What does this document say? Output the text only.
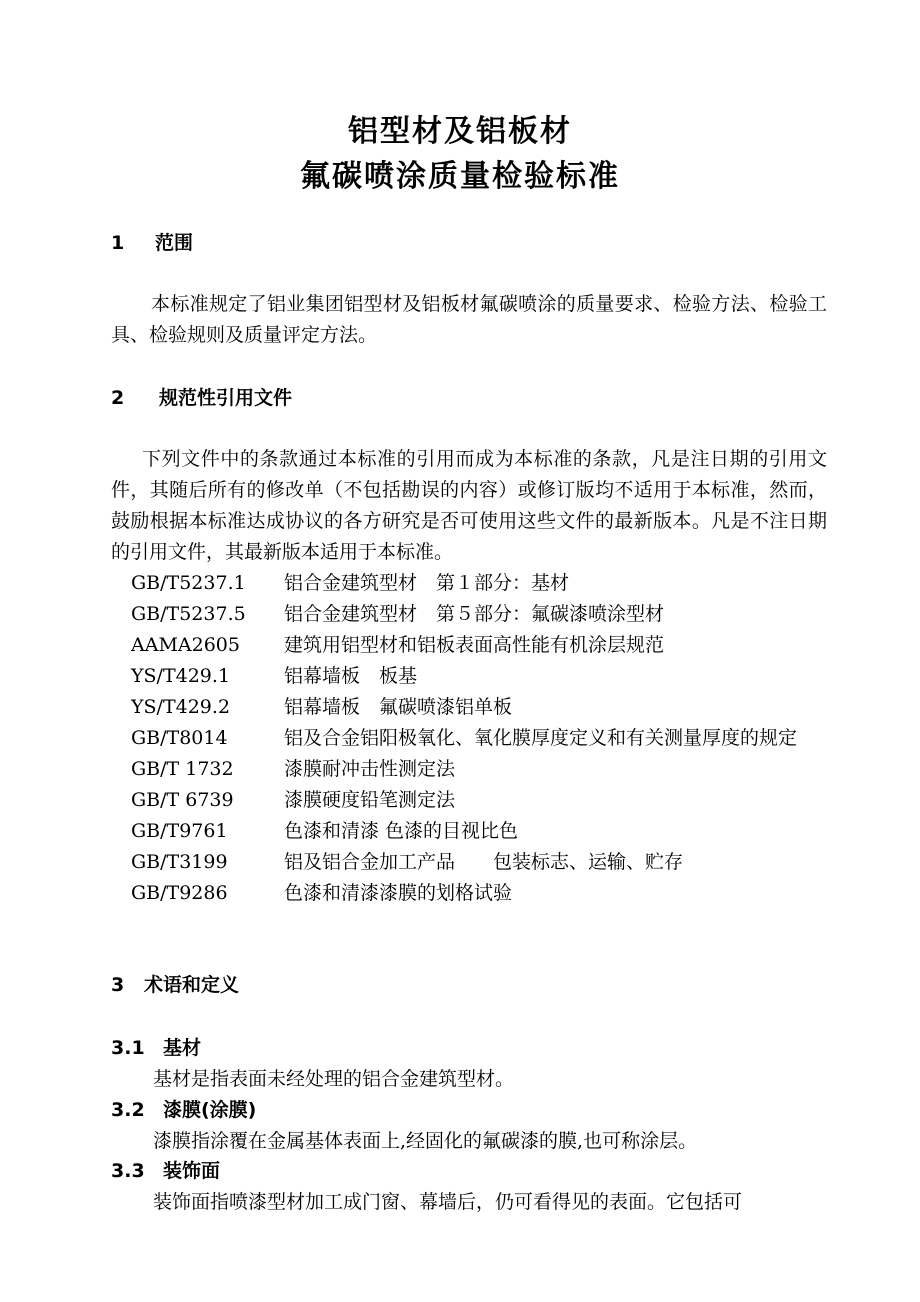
铝型材及铝板材
氟碳喷涂质量检验标准
1 范围
本标准规定了铝业集团铝型材及铝板材氟碳喷涂的质量要求、检验方法、检验工具、检验规则及质量评定方法。
2 规范性引用文件
下列文件中的条款通过本标准的引用而成为本标准的条款，凡是注日期的引用文件，其随后所有的修改单（不包括勘误的内容）或修订版均不适用于本标准，然而，鼓励根据本标准达成协议的各方研究是否可使用这些文件的最新版本。凡是不注日期的引用文件，其最新版本适用于本标准。
GB/T5237.1	铝合金建筑型材　第１部分：基材
GB/T5237.5	铝合金建筑型材　第５部分：氟碳漆喷涂型材
AAMA2605	建筑用铝型材和铝板表面高性能有机涂层规范
YS/T429.1	铝幕墙板　板基
YS/T429.2	铝幕墙板　氟碳喷漆铝单板
GB/T8014	铝及合金铝阳极氧化、氧化膜厚度定义和有关测量厚度的规定
GB/T 1732	漆膜耐冲击性测定法
GB/T 6739	漆膜硬度铅笔测定法
GB/T9761	色漆和清漆 色漆的目视比色
GB/T3199	铝及铝合金加工产品　　包装标志、运输、贮存
GB/T9286	色漆和清漆漆膜的划格试验
3 术语和定义
3.1 基材
基材是指表面未经处理的铝合金建筑型材。
3.2 漆膜(涂膜)
漆膜指涂覆在金属基体表面上,经固化的氟碳漆的膜,也可称涂层。
3.3 装饰面
装饰面指喷漆型材加工成门窗、幕墙后，仍可看得见的表面。它包括可
